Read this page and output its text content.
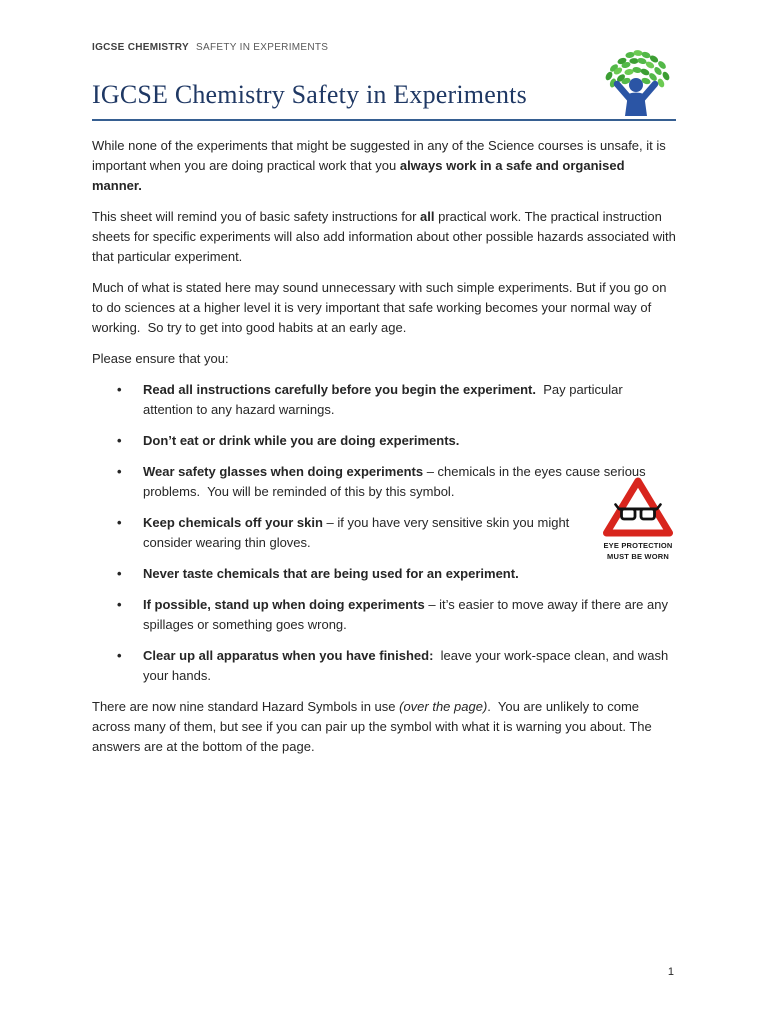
IGCSE CHEMISTRY SAFETY IN EXPERIMENTS
IGCSE Chemistry Safety in Experiments

While none of the experiments that might be suggested in any of the Science courses is unsafe, it is important when you are doing practical work that you always work in a safe and organised manner.

This sheet will remind you of basic safety instructions for all practical work. The practical instruction sheets for specific experiments will also add information about other possible hazards associated with that particular experiment.

Much of what is stated here may sound unnecessary with such simple experiments. But if you go on to do sciences at a higher level it is very important that safe working becomes your normal way of working.  So try to get into good habits at an early age.

Please ensure that you:

•	Read all instructions carefully before you begin the experiment.  Pay particular attention to any hazard warnings.
•	Don’t eat or drink while you are doing experiments.
•	Wear safety glasses when doing experiments – chemicals in the eyes cause serious problems.  You will be reminded of this by this symbol.
•	Keep chemicals off your skin – if you have very sensitive skin you might consider wearing thin gloves.
•	Never taste chemicals that are being used for an experiment.
•	If possible, stand up when doing experiments – it’s easier to move away if there are any spillages or something goes wrong.
•	Clear up all apparatus when you have finished:  leave your work-space clean, and wash your hands.

There are now nine standard Hazard Symbols in use (over the page).  You are unlikely to come across many of them, but see if you can pair up the symbol with what it is warning you about. The answers are at the bottom of the page.

EYE PROTECTION
MUST BE WORN
1
